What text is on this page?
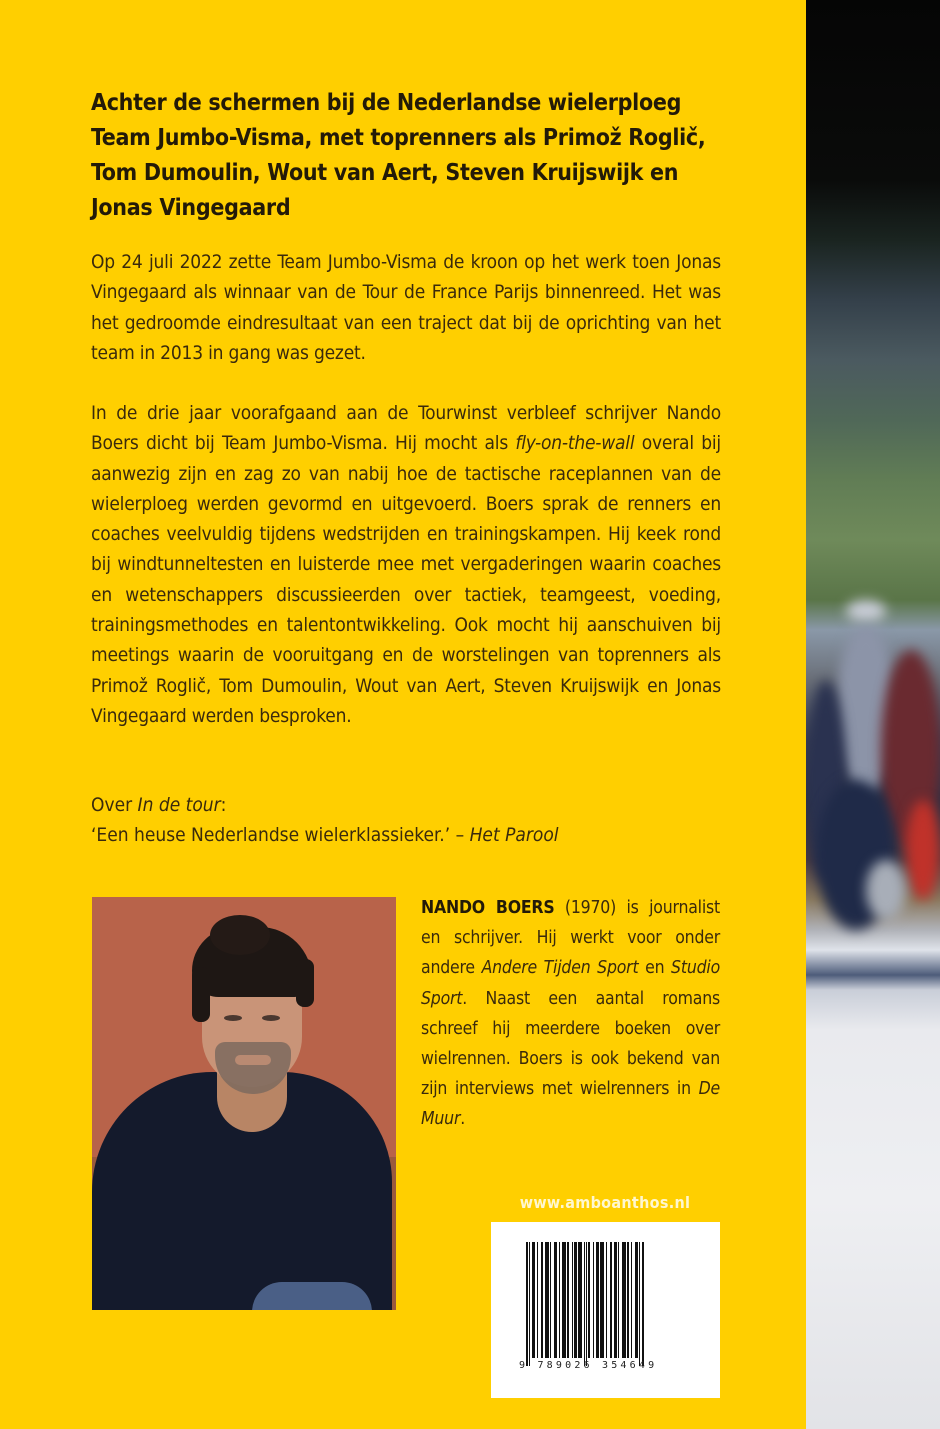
Achter de schermen bij de Nederlandse wielerploeg
Team Jumbo-Visma, met toprenners als Primož Roglič,
Tom Dumoulin, Wout van Aert, Steven Kruijswijk en
Jonas Vingegaard

Op 24 juli 2022 zette Team Jumbo-Visma de kroon op het werk toen Jonas Vingegaard als winnaar van de Tour de France Parijs binnenreed. Het was het gedroomde eindresultaat van een traject dat bij de oprichting van het team in 2013 in gang was gezet.

In de drie jaar voorafgaand aan de Tourwinst verbleef schrijver Nando Boers dicht bij Team Jumbo-Visma. Hij mocht als fly-on-the-wall overal bij aanwezig zijn en zag zo van nabij hoe de tactische raceplannen van de wielerploeg werden gevormd en uitgevoerd. Boers sprak de renners en coaches veelvuldig tijdens wedstrijden en trainingskampen. Hij keek rond bij windtunneltesten en luisterde mee met vergaderingen waarin coaches en wetenschappers discussieerden over tactiek, teamgeest, voeding, trainingsmethodes en talentontwikkeling. Ook mocht hij aanschuiven bij meetings waarin de vooruitgang en de worstelingen van toprenners als Primož Roglič, Tom Dumoulin, Wout van Aert, Steven Kruijswijk en Jonas Vingegaard werden besproken.

Over In de tour:
‘Een heuse Nederlandse wielerklassieker.’ – Het Parool
NANDO BOERS (1970) is journalist en schrijver. Hij werkt voor onder andere Andere Tijden Sport en Studio Sport. Naast een aantal romans schreef hij meerdere boeken over wielrennen. Boers is ook bekend van zijn interviews met wielrenners in De Muur.
www.amboanthos.nl
9 789026 354649
